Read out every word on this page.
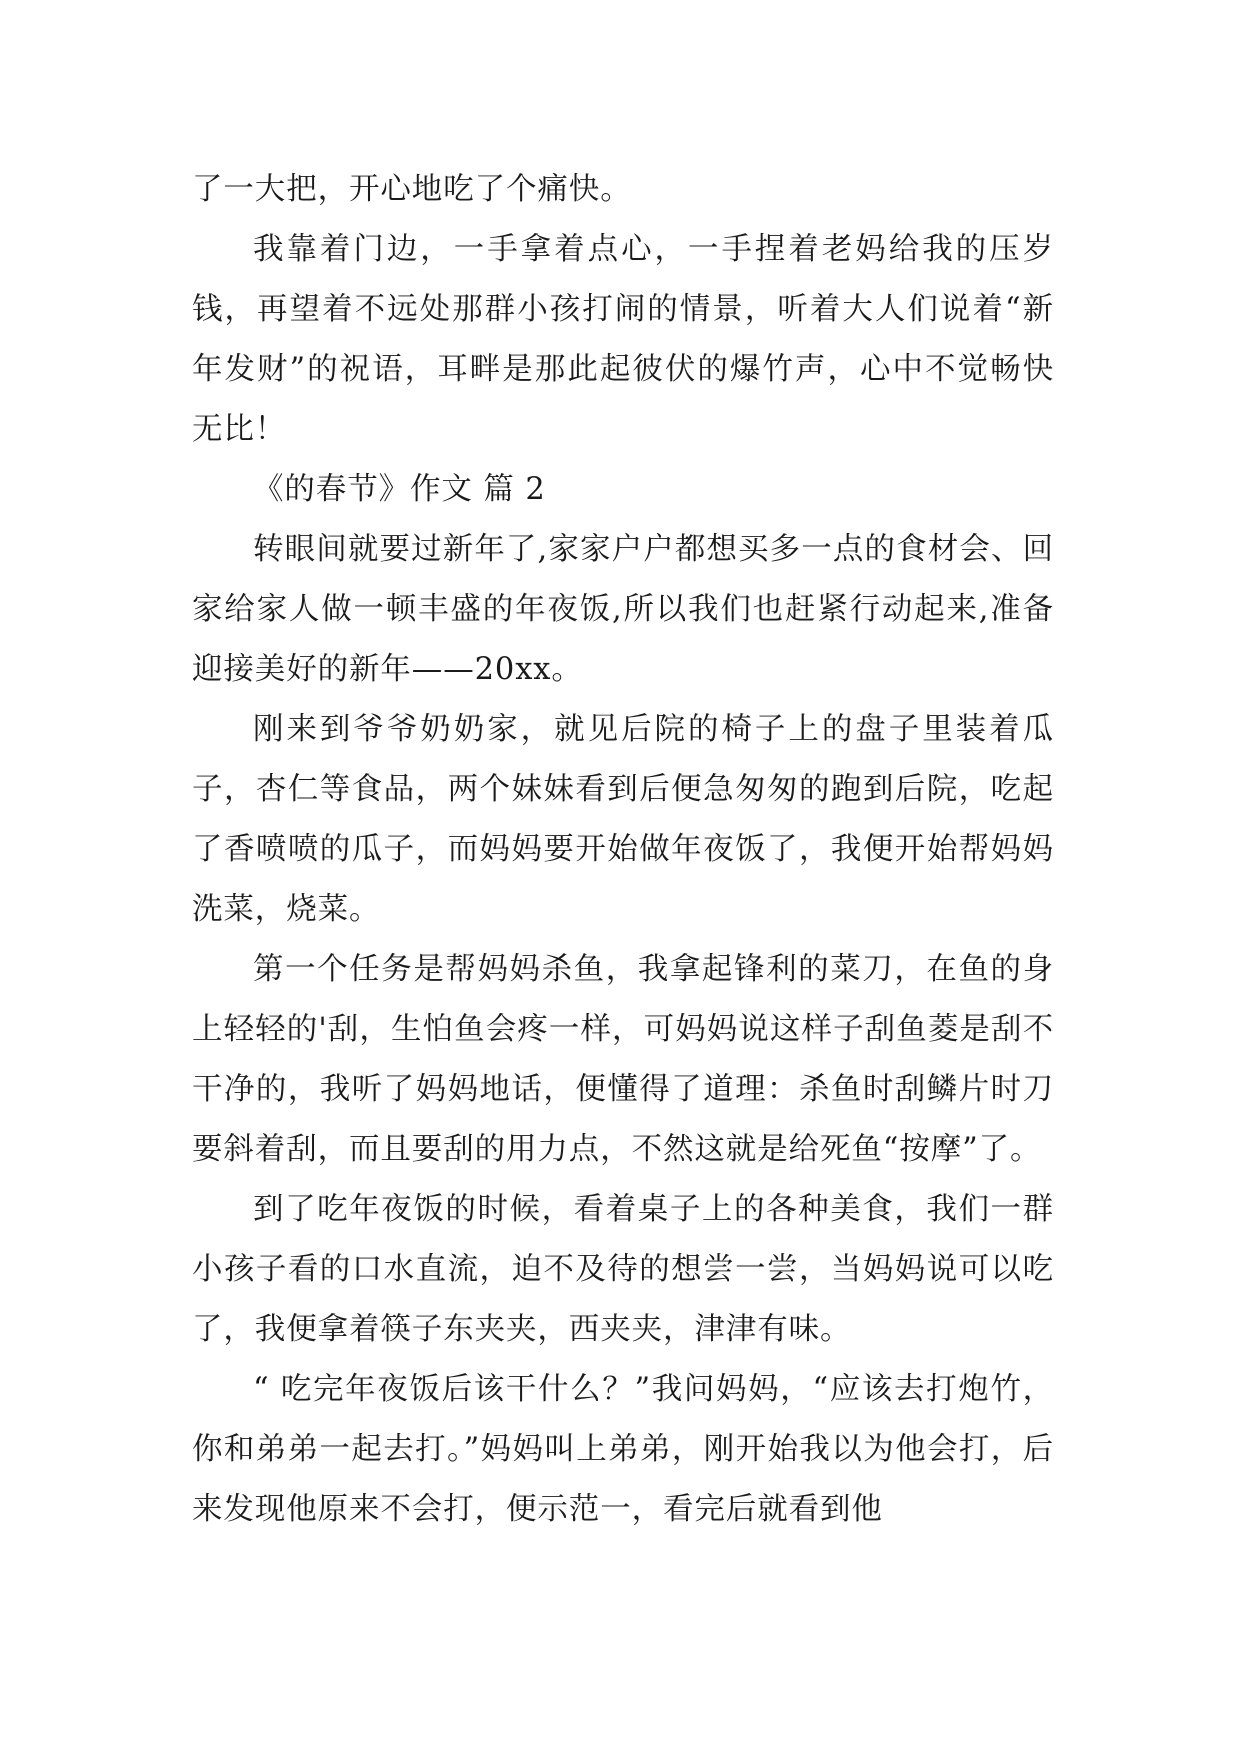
了一大把，开心地吃了个痛快。

我靠着门边，一手拿着点心，一手捏着老妈给我的压岁钱，再望着不远处那群小孩打闹的情景，听着大人们说着“新年发财”的祝语，耳畔是那此起彼伏的爆竹声，心中不觉畅快无比！

《的春节》作文 篇 2

转眼间就要过新年了,家家户户都想买多一点的食材会、回家给家人做一顿丰盛的年夜饭,所以我们也赶紧行动起来,准备迎接美好的新年——20xx。

刚来到爷爷奶奶家，就见后院的椅子上的盘子里装着瓜子，杏仁等食品，两个妹妹看到后便急匆匆的跑到后院，吃起了香喷喷的瓜子，而妈妈要开始做年夜饭了，我便开始帮妈妈洗菜，烧菜。

第一个任务是帮妈妈杀鱼，我拿起锋利的菜刀，在鱼的身上轻轻的'刮，生怕鱼会疼一样，可妈妈说这样子刮鱼菱是刮不干净的，我听了妈妈地话，便懂得了道理：杀鱼时刮鳞片时刀要斜着刮，而且要刮的用力点，不然这就是给死鱼“按摩”了。

到了吃年夜饭的时候，看着桌子上的各种美食，我们一群小孩子看的口水直流，迫不及待的想尝一尝，当妈妈说可以吃了，我便拿着筷子东夹夹，西夹夹，津津有味。

“ 吃完年夜饭后该干什么？”我问妈妈，“应该去打炮竹，你和弟弟一起去打。”妈妈叫上弟弟，刚开始我以为他会打，后来发现他原来不会打，便示范一，看完后就看到他
